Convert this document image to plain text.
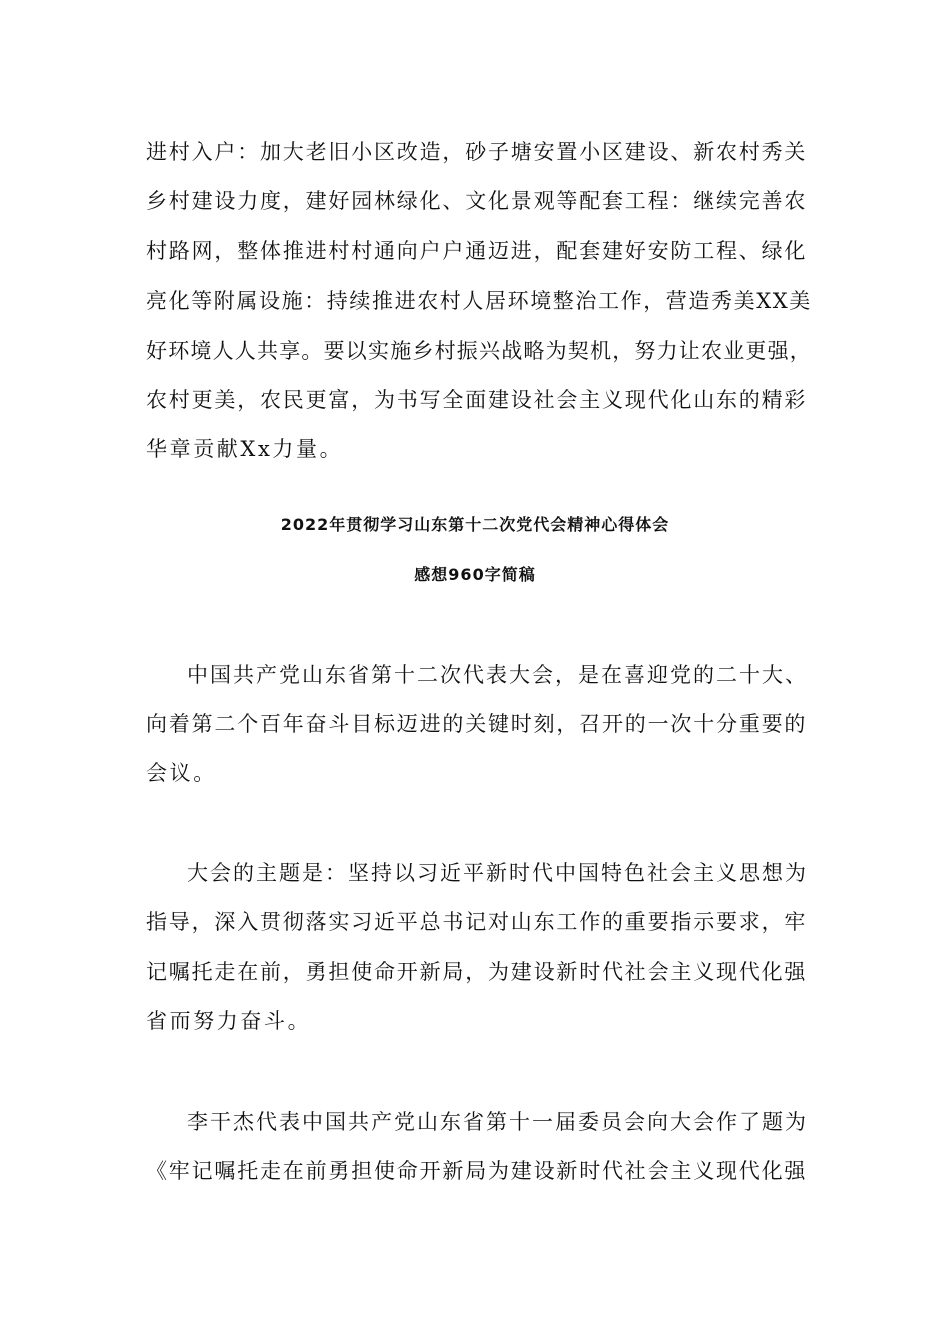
进村入户：加大老旧小区改造，砂子塘安置小区建设、新农村秀关
乡村建设力度，建好园林绿化、文化景观等配套工程：继续完善农
村路网，整体推进村村通向户户通迈进，配套建好安防工程、绿化
亮化等附属设施：持续推进农村人居环境整治工作，营造秀美XX美
好环境人人共享。要以实施乡村振兴战略为契机，努力让农业更强，
农村更美，农民更富，为书写全面建设社会主义现代化山东的精彩
华章贡献Xx力量。
2022年贯彻学习山东第十二次党代会精神心得体会
感想960字简稿
中国共产党山东省第十二次代表大会，是在喜迎党的二十大、
向着第二个百年奋斗目标迈进的关键时刻，召开的一次十分重要的
会议。
大会的主题是：坚持以习近平新时代中国特色社会主义思想为
指导，深入贯彻落实习近平总书记对山东工作的重要指示要求，牢
记嘱托走在前，勇担使命开新局，为建设新时代社会主义现代化强
省而努力奋斗。
李干杰代表中国共产党山东省第十一届委员会向大会作了题为
《牢记嘱托走在前勇担使命开新局为建设新时代社会主义现代化强
